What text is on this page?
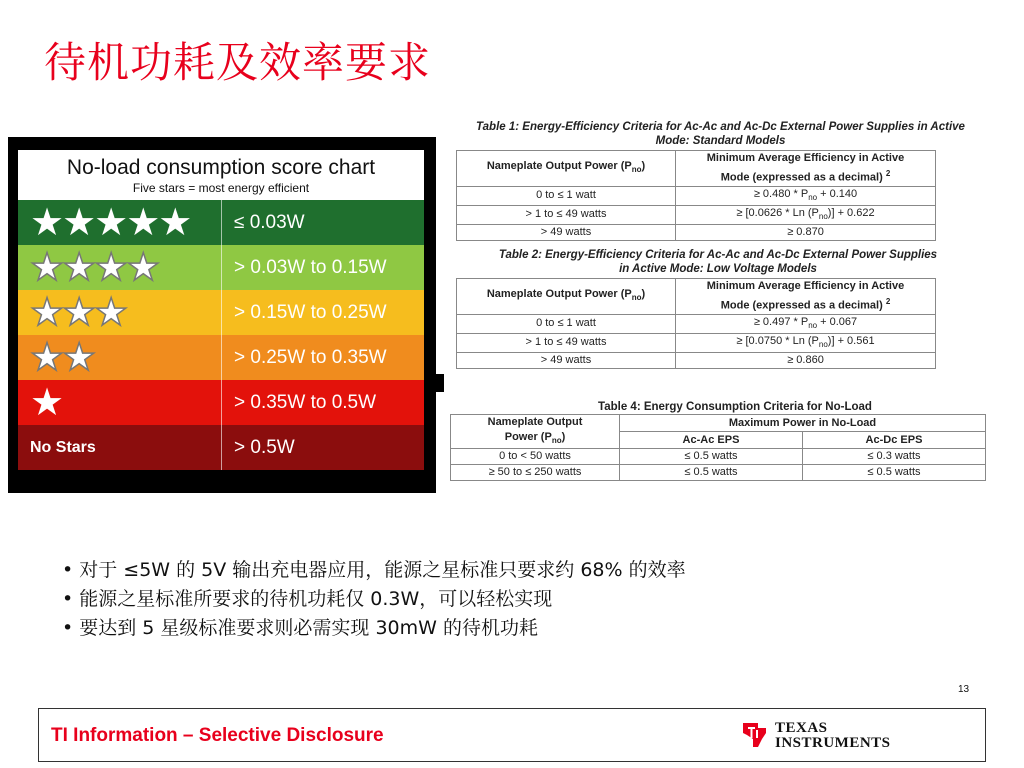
待机功耗及效率要求
No-load consumption score chart
Five stars = most energy efficient
★★★★★	≤ 0.03W
★★★★	> 0.03W to 0.15W
★★★	> 0.15W to 0.25W
★★	> 0.25W to 0.35W
★	> 0.35W to 0.5W
No Stars	> 0.5W
Table 1: Energy-Efficiency Criteria for Ac-Ac and Ac-Dc External Power Supplies in Active
Mode: Standard Models
Nameplate Output Power $(P_{no})$	Minimum Average Efficiency in Active
Mode (expressed as a decimal) $^2$

0 to ≤ 1 watt	≥ $0.480 * P_{no} + 0.140$
> 1 to ≤ 49 watts	≥ [0.0626 * Ln $(P_{no})] + 0.622$
> 49 watts	≥ 0.870
Table 2: Energy-Efficiency Criteria for Ac-Ac and Ac-Dc External Power Supplies
in Active Mode: Low Voltage Models
Nameplate Output Power $(P_{no})$	Minimum Average Efficiency in Active
Mode (expressed as a decimal) $^2$

0 to ≤ 1 watt	≥ $0.497 * P_{no} + 0.067$
> 1 to ≤ 49 watts	≥ [0.0750 * Ln $(P_{no})] + 0.561$
> 49 watts	≥ 0.860
Table 4: Energy Consumption Criteria for No-Load
Nameplate Output
Power $(P_{no})$	Maximum Power in No-Load	
	Ac-Ac EPS	Ac-Dc EPS
0 to < 50 watts	≤ 0.5 watts	≤ 0.3 watts
≥ 50 to ≤ 250 watts	≤ 0.5 watts	≤ 0.5 watts
• 对于 ≤5W 的 5V 输出充电器应用，能源之星标准只要求约 68% 的效率
• 能源之星标准所要求的待机功耗仅 0.3W，可以轻松实现
• 要达到 5 星级标准要求则必需实现 30mW 的待机功耗
13
TI Information – Selective Disclosure	TEXAS
INSTRUMENTS
